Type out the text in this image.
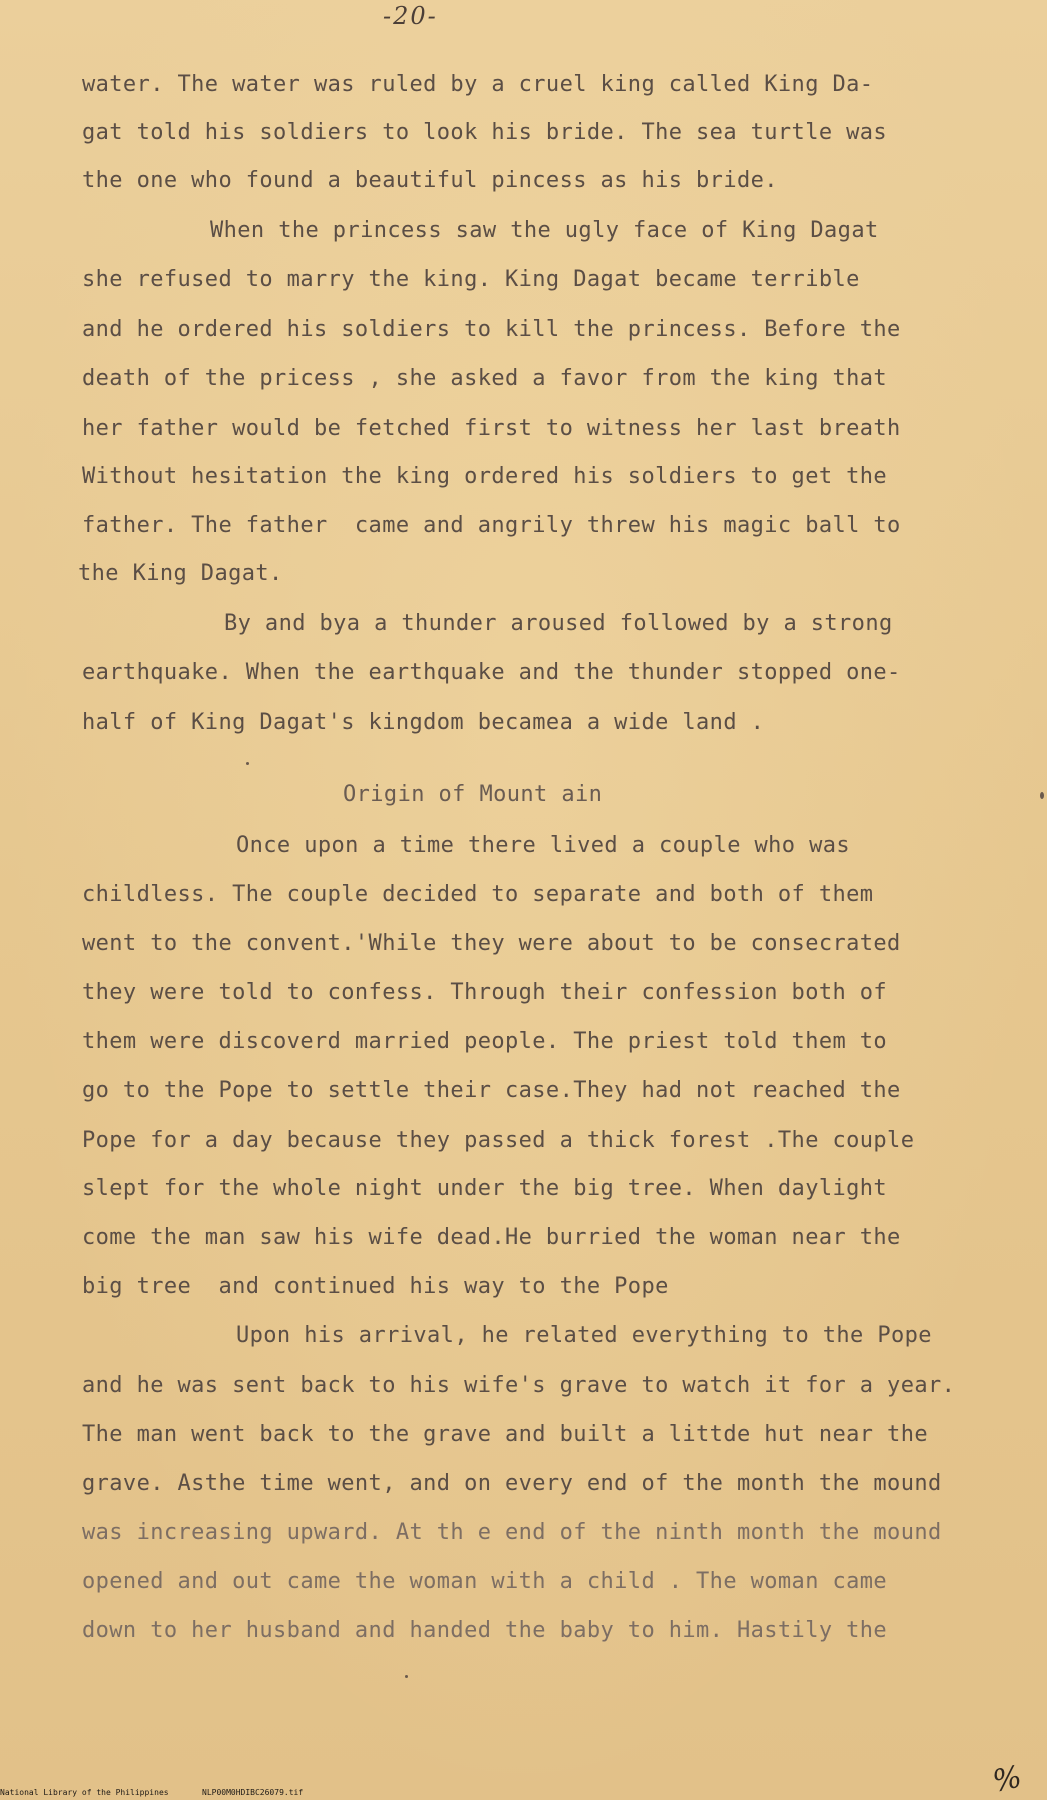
-20-
water. The water was ruled by a cruel king called King Da-
gat told his soldiers to look his bride. The sea turtle was
the one who found a beautiful pincess as his bride.
When the princess saw the ugly face of King Dagat
she refused to marry the king. King Dagat became terrible
and he ordered his soldiers to kill the princess. Before the
death of the pricess , she asked a favor from the king that
her father would be fetched first to witness her last breath
Without hesitation the king ordered his soldiers to get the
father. The father  came and angrily threw his magic ball to
the King Dagat.
By and bya a thunder aroused followed by a strong
earthquake. When the earthquake and the thunder stopped one-
half of King Dagat's kingdom becamea a wide land .
Origin of Mount ain
Once upon a time there lived a couple who was
childless. The couple decided to separate and both of them
went to the convent.'While they were about to be consecrated
they were told to confess. Through their confession both of
them were discoverd married people. The priest told them to
go to the Pope to settle their case.They had not reached the
Pope for a day because they passed a thick forest .The couple
slept for the whole night under the big tree. When daylight
come the man saw his wife dead.He burried the woman near the
big tree  and continued his way to the Pope
Upon his arrival, he related everything to the Pope
and he was sent back to his wife's grave to watch it for a year.
The man went back to the grave and built a littde hut near the
grave. Asthe time went, and on every end of the month the mound
was increasing upward. At th e end of the ninth month the mound
opened and out came the woman with a child . The woman came
down to her husband and handed the baby to him. Hastily the
%
National Library of the Philippines	NLP00M0HDIBC26079.tif
